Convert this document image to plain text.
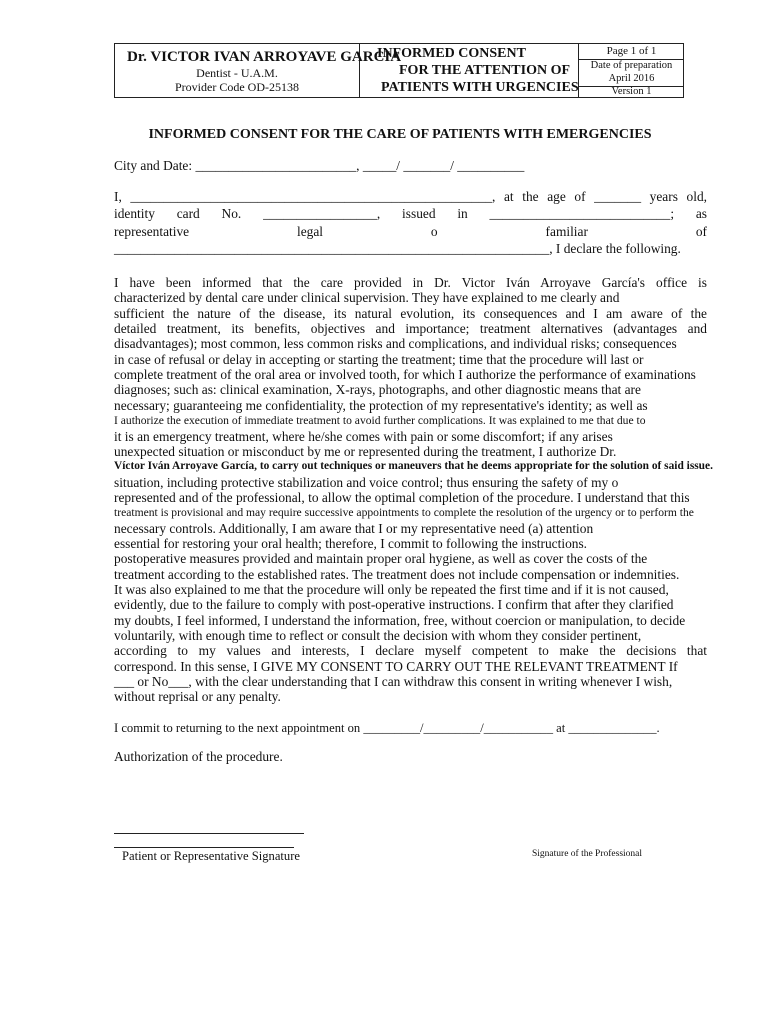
Dr. VICTOR IVAN ARROYAVE GARCIA
Dentist - U.A.M.
Provider Code OD-25138
INFORMED CONSENT
FOR THE ATTENTION OF
PATIENTS WITH URGENCIES
Page 1 of 1
Date of preparation
April 2016
Version 1
INFORMED CONSENT FOR THE CARE OF PATIENTS WITH EMERGENCIES
City and Date: ________________________, _____/ _______/ __________
I, ______________________________________________________, at the age of _______ years old,
identity card No. _________________, issued in ___________________________; as
representative legal o familiar of
_________________________________________________________________, I declare the following.
I have been informed that the care provided in Dr. Victor Iván Arroyave García's office is
characterized by dental care under clinical supervision. They have explained to me clearly and
sufficient the nature of the disease, its natural evolution, its consequences and I am aware of the
detailed treatment, its benefits, objectives and importance; treatment alternatives (advantages and
disadvantages); most common, less common risks and complications, and individual risks; consequences
in case of refusal or delay in accepting or starting the treatment; time that the procedure will last or
complete treatment of the oral area or involved tooth, for which I authorize the performance of examinations
diagnoses; such as: clinical examination, X-rays, photographs, and other diagnostic means that are
necessary; guaranteeing me confidentiality, the protection of my representative's identity; as well as
I authorize the execution of immediate treatment to avoid further complications. It was explained to me that due to
it is an emergency treatment, where he/she comes with pain or some discomfort; if any arises
unexpected situation or misconduct by me or represented during the treatment, I authorize Dr.
Víctor Iván Arroyave García, to carry out techniques or maneuvers that he deems appropriate for the solution of said issue.
situation, including protective stabilization and voice control; thus ensuring the safety of my o
represented and of the professional, to allow the optimal completion of the procedure. I understand that this
treatment is provisional and may require successive appointments to complete the resolution of the urgency or to perform the
necessary controls. Additionally, I am aware that I or my representative need (a) attention
essential for restoring your oral health; therefore, I commit to following the instructions.
postoperative measures provided and maintain proper oral hygiene, as well as cover the costs of the
treatment according to the established rates. The treatment does not include compensation or indemnities.
It was also explained to me that the procedure will only be repeated the first time and if it is not caused,
evidently, due to the failure to comply with post-operative instructions. I confirm that after they clarified
my doubts, I feel informed, I understand the information, free, without coercion or manipulation, to decide
voluntarily, with enough time to reflect or consult the decision with whom they consider pertinent,
according to my values and interests, I declare myself competent to make the decisions that
correspond. In this sense, I GIVE MY CONSENT TO CARRY OUT THE RELEVANT TREATMENT If
___ or No___, with the clear understanding that I can withdraw this consent in writing whenever I wish,
without reprisal or any penalty.
I commit to returning to the next appointment on _________/_________/___________ at ______________.
Authorization of the procedure.
Patient or Representative Signature	Signature of the Professional
